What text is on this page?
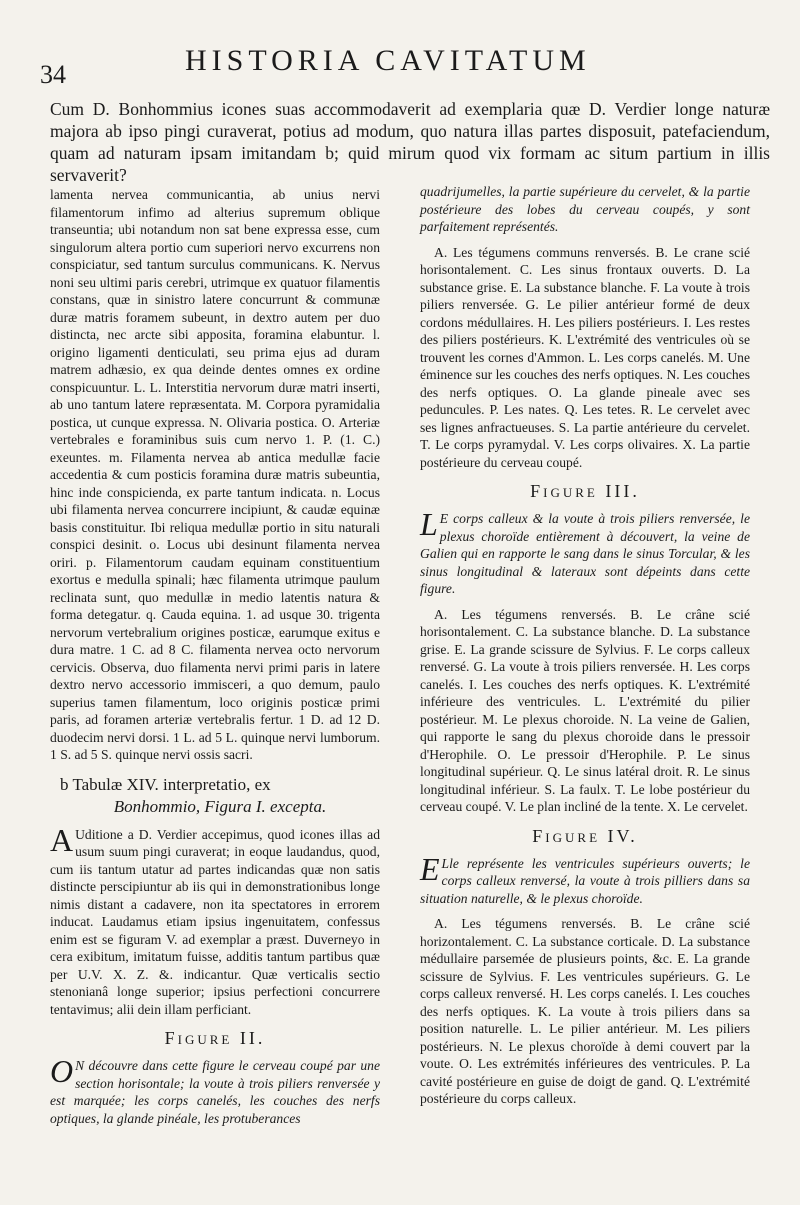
34	HISTORIA CAVITATUM

Cum D. Bonhommius icones suas accommodaverit ad exemplaria quæ D. Verdier longe naturæ majora ab ipso pingi curaverat, potius ad modum, quo natura illas partes disposuit, patefaciendum, quam ad naturam ipsam imitandam b; quid mirum quod vix formam ac situm partium in illis servaverit?

lamenta nervea communicantia, ab unius nervi filamentorum infimo ad alterius supremum oblique transeuntia; ubi notandum non sat bene expressa esse, cum singulorum altera portio cum superiori nervo excurrens non conspiciatur, sed tantum surculus communicans. K. Nervus noni seu ultimi paris cerebri, utrimque ex quatuor filamentis constans, quæ in sinistro latere concurrunt & communæ duræ matris foramem subeunt, in dextro autem per duo distincta, nec arcte sibi apposita, foramina elabuntur. l. origino ligamenti denticulati, seu prima ejus ad duram matrem adhæsio, ex qua deinde dentes omnes ex ordine conspicuuntur. L. L. Interstitia nervorum duræ matri inserti, ab uno tantum latere repræsentata. M. Corpora pyramidalia postica, ut cunque expressa. N. Olivaria postica. O. Arteriæ vertebrales e foraminibus suis cum nervo 1. P. (1. C.) exeuntes. m. Filamenta nervea ab antica medullæ facie accedentia & cum posticis foramina duræ matris subeuntia, hinc inde conspicienda, ex parte tantum indicata. n. Locus ubi filamenta nervea concurrere incipiunt, & caudæ equinæ basis constituitur. Ibi reliqua medullæ portio in situ naturali conspici desinit. o. Locus ubi desinunt filamenta nervea oriri. p. Filamentorum caudam equinam constituentium exortus e medulla spinali; hæc filamenta utrimque paulum reclinata sunt, quo medullæ in medio latentis natura & forma detegatur. q. Cauda equina. 1. ad usque 30. trigenta nervorum vertebralium origines posticæ, earumque exitus e dura matre. 1 C. ad 8 C. filamenta nervea octo nervorum cervicis. Observa, duo filamenta nervi primi paris in latere dextro nervo accessorio immisceri, a quo demum, paulo superius tamen filamentum, loco originis posticæ primi paris, ad foramen arteriæ vertebralis fertur. 1 D. ad 12 D. duodecim nervi dorsi. 1 L. ad 5 L. quinque nervi lumborum. 1 S. ad 5 S. quinque nervi ossis sacri.

b Tabulæ XIV. interpretatio, ex
Bonhommio, Figura I. excepta.

AUditione a D. Verdier accepimus, quod icones illas ad usum suum pingi curaverat; in eoque laudandus, quod, cum iis tantum utatur ad partes indicandas quæ non satis distincte perscipiuntur ab iis qui in demonstrationibus longe nimis distant a cadavere, non ita spectatores in errorem inducat. Laudamus etiam ipsius ingenuitatem, confessus enim est se figuram V. ad exemplar a præst. Duverneyo in cera exibitum, imitatum fuisse, additis tantum partibus quæ per U.V. X. Z. &. indicantur. Quæ verticalis sectio stenonianâ longe superior; ipsius perfectioni concurrere tentavimus; alii dein illam perficiant.

Figure II.

ON découvre dans cette figure le cerveau coupé par une section horisontale; la voute à trois piliers renversée y est marquée; les corps canelés, les couches des nerfs optiques, la glande pinéale, les protuberances

quadrijumelles, la partie supérieure du cervelet, & la partie postérieure des lobes du cerveau coupés, y sont parfaitement représentés.

A. Les tégumens communs renversés. B. Le crane scié horisontalement. C. Les sinus frontaux ouverts. D. La substance grise. E. La substance blanche. F. La voute à trois piliers renversée. G. Le pilier antérieur formé de deux cordons médullaires. H. Les piliers postérieurs. I. Les restes des piliers postérieurs. K. L'extrémité des ventricules où se trouvent les cornes d'Ammon. L. Les corps canelés. M. Une éminence sur les couches des nerfs optiques. N. Les couches des nerfs optiques. O. La glande pineale avec ses peduncules. P. Les nates. Q. Les tetes. R. Le cervelet avec ses lignes anfractueuses. S. La partie antérieure du cervelet. T. Le corps pyramydal. V. Les corps olivaires. X. La partie postérieure du cerveau coupé.

Figure III.

LE corps calleux & la voute à trois piliers renversée, le plexus choroïde entièrement à découvert, la veine de Galien qui en rapporte le sang dans le sinus Torcular, & les sinus longitudinal & lateraux sont dépeints dans cette figure.

A. Les tégumens renversés. B. Le crâne scié horisontalement. C. La substance blanche. D. La substance grise. E. La grande scissure de Sylvius. F. Le corps calleux renversé. G. La voute à trois piliers renversée. H. Les corps canelés. I. Les couches des nerfs optiques. K. L'extrémité inférieure des ventricules. L. L'extrémité du pilier postérieur. M. Le plexus choroide. N. La veine de Galien, qui rapporte le sang du plexus choroide dans le pressoir d'Herophile. O. Le pressoir d'Herophile. P. Le sinus longitudinal supérieur. Q. Le sinus latéral droit. R. Le sinus longitudinal inférieur. S. La faulx. T. Le lobe postérieur du cerveau coupé. V. Le plan incliné de la tente. X. Le cervelet.

Figure IV.

ELle représente les ventricules supérieurs ouverts; le corps calleux renversé, la voute à trois pilliers dans sa situation naturelle, & le plexus choroïde.

A. Les tégumens renversés. B. Le crâne scié horizontalement. C. La substance corticale. D. La substance médullaire parsemée de plusieurs points, &c. E. La grande scissure de Sylvius. F. Les ventricules supérieurs. G. Le corps calleux renversé. H. Les corps canelés. I. Les couches des nerfs optiques. K. La voute à trois piliers dans sa position naturelle. L. Le pilier antérieur. M. Les piliers postérieurs. N. Le plexus choroïde à demi couvert par la voute. O. Les extrémités inférieures des ventricules. P. La cavité postérieure en guise de doigt de gand. Q. L'extrémité postérieure du corps calleux.
